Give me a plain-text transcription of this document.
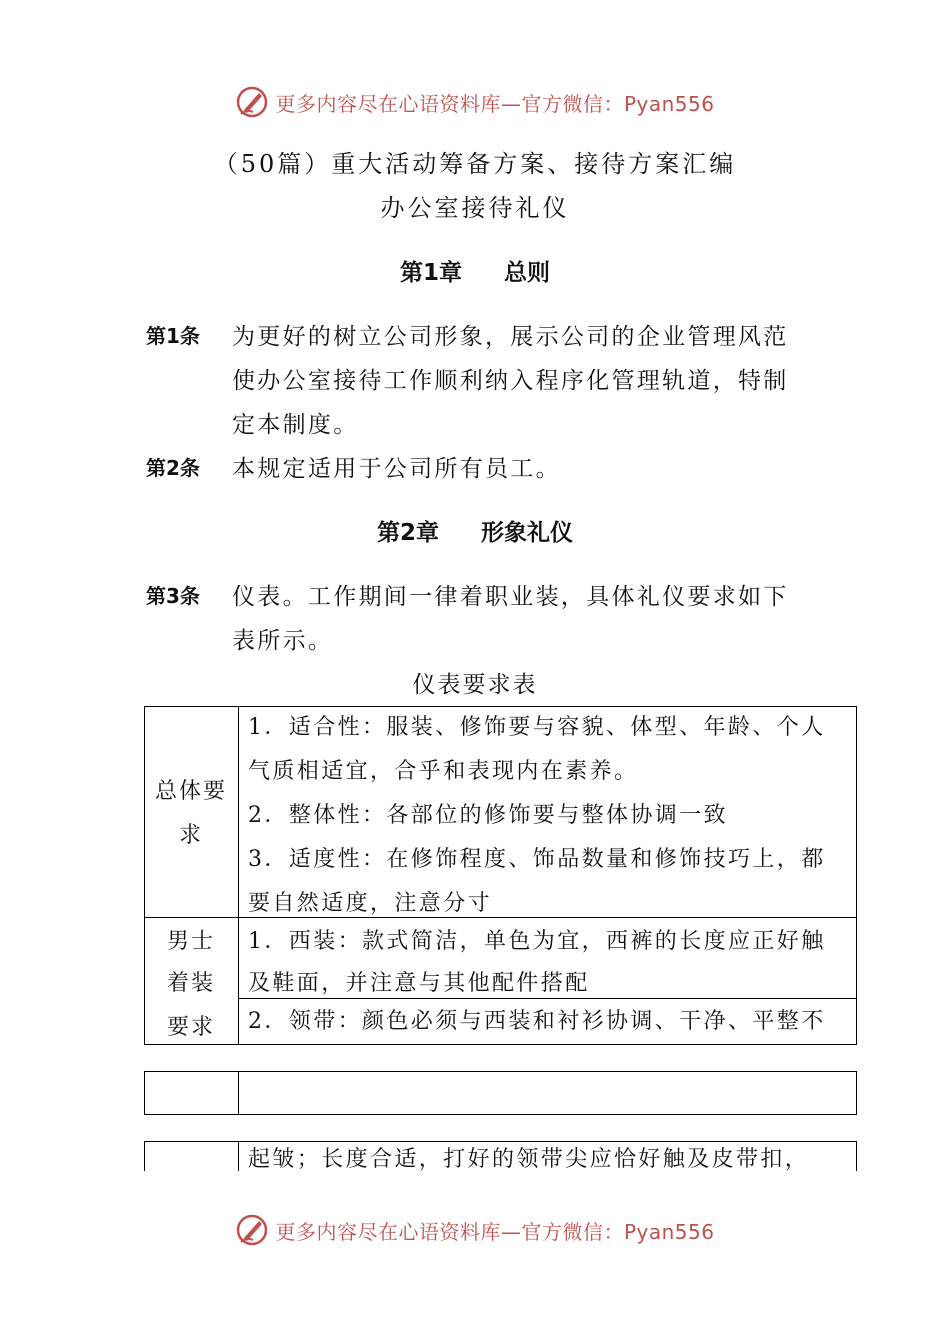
更多内容尽在心语资料库—官方微信：Pyan556
（50篇）重大活动筹备方案、接待方案汇编
办公室接待礼仪
第1章 总则
第1条 为更好的树立公司形象，展示公司的企业管理风范
使办公室接待工作顺利纳入程序化管理轨道，特制
定本制度。
第2条 本规定适用于公司所有员工。
第2章 形象礼仪
第3条 仪表。工作期间一律着职业装，具体礼仪要求如下
表所示。
仪表要求表
总体要
求
1．适合性：服装、修饰要与容貌、体型、年龄、个人
气质相适宜，合乎和表现内在素养。
2．整体性：各部位的修饰要与整体协调一致
3．适度性：在修饰程度、饰品数量和修饰技巧上，都
要自然适度，注意分寸
男士
着装
要求
1．西装：款式简洁，单色为宜，西裤的长度应正好触
及鞋面，并注意与其他配件搭配
2．领带：颜色必须与西装和衬衫协调、干净、平整不
起皱；长度合适，打好的领带尖应恰好触及皮带扣，
更多内容尽在心语资料库—官方微信：Pyan556
